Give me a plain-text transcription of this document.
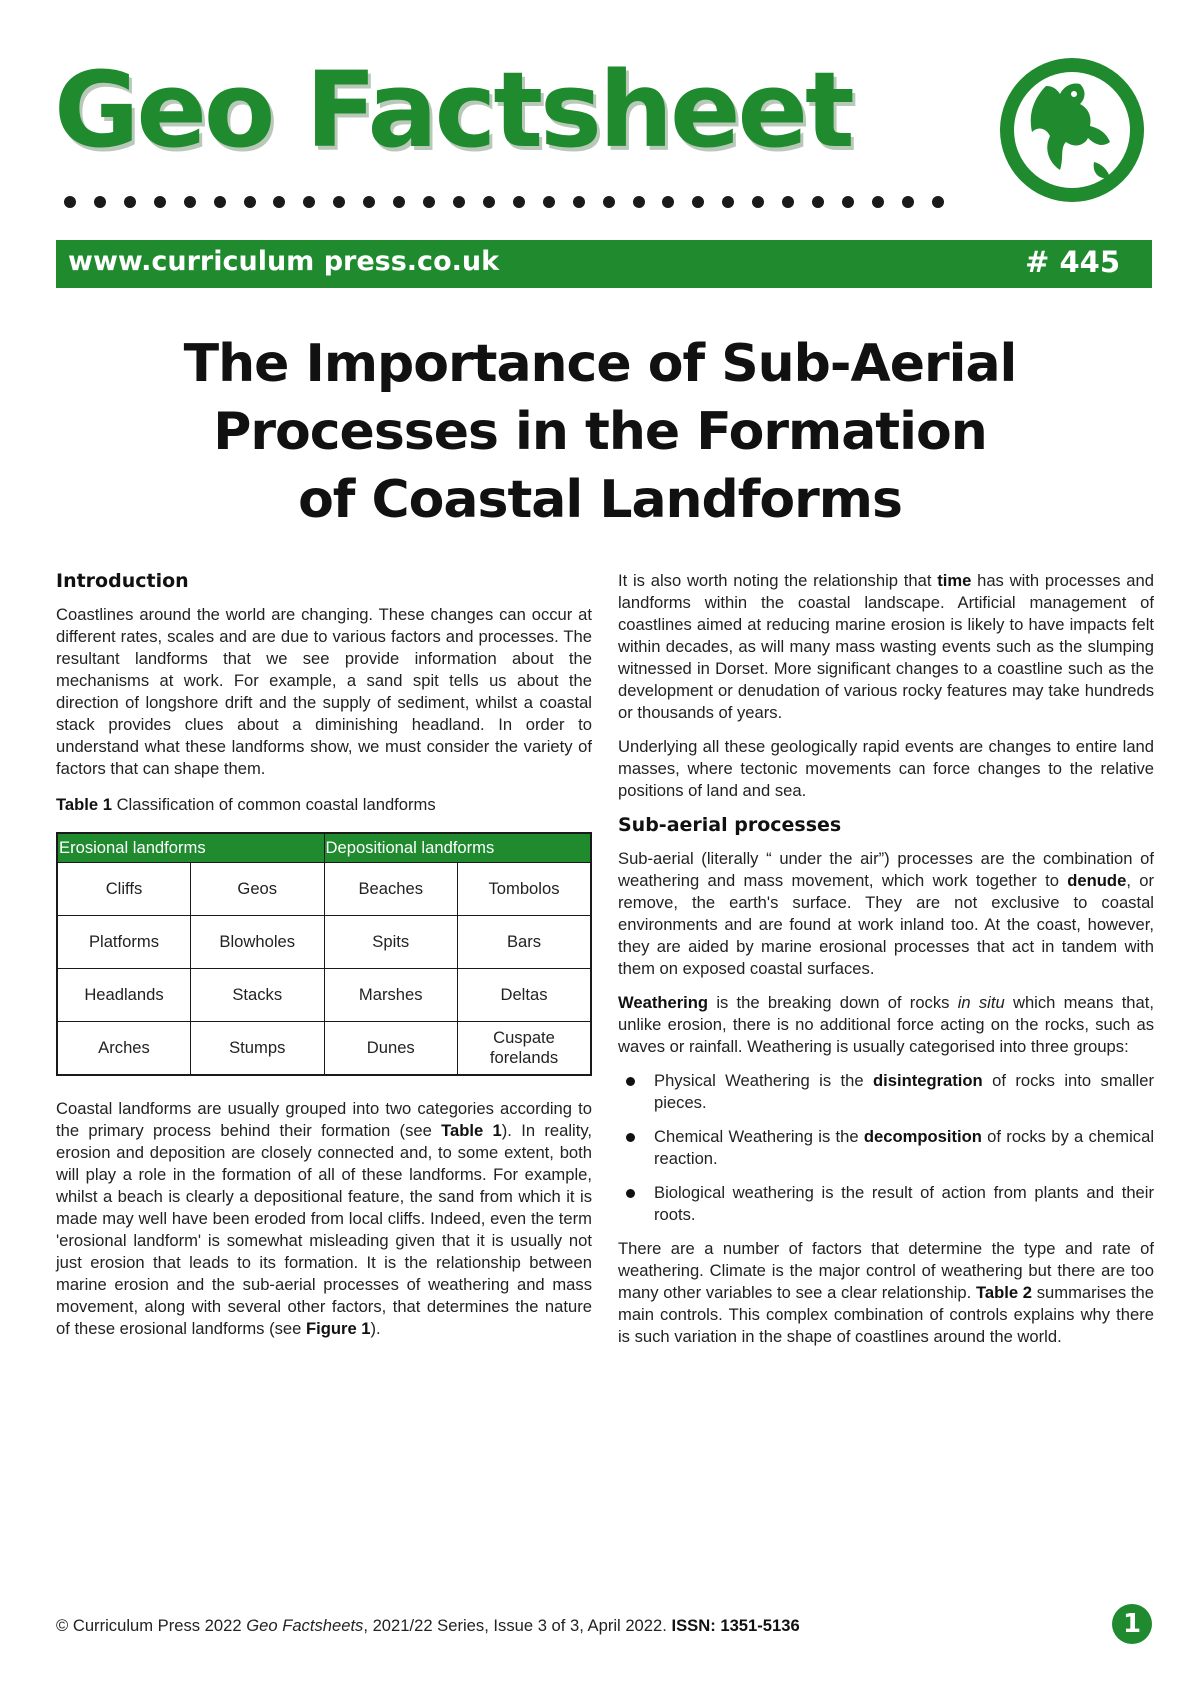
Geo Factsheet
www.curriculum press.co.uk	# 445
The Importance of Sub-Aerial
Processes in the Formation
of Coastal Landforms
Introduction

Coastlines around the world are changing. These changes can occur at different rates, scales and are due to various factors and processes. The resultant landforms that we see provide information about the mechanisms at work. For example, a sand spit tells us about the direction of longshore drift and the supply of sediment, whilst a coastal stack provides clues about a diminishing headland. In order to understand what these landforms show, we must consider the variety of factors that can shape them.

Table 1 Classification of common coastal landforms

Erosional landforms		Depositional landforms	
Cliffs	Geos	Beaches	Tombolos
Platforms	Blowholes	Spits	Bars
Headlands	Stacks	Marshes	Deltas
Arches	Stumps	Dunes	Cuspate forelands

Coastal landforms are usually grouped into two categories according to the primary process behind their formation (see Table 1). In reality, erosion and deposition are closely connected and, to some extent, both will play a role in the formation of all of these landforms. For example, whilst a beach is clearly a depositional feature, the sand from which it is made may well have been eroded from local cliffs. Indeed, even the term 'erosional landform' is somewhat misleading given that it is usually not just erosion that leads to its formation. It is the relationship between marine erosion and the sub-aerial processes of weathering and mass movement, along with several other factors, that determines the nature of these erosional landforms (see Figure 1).

It is also worth noting the relationship that time has with processes and landforms within the coastal landscape. Artificial management of coastlines aimed at reducing marine erosion is likely to have impacts felt within decades, as will many mass wasting events such as the slumping witnessed in Dorset. More significant changes to a coastline such as the development or denudation of various rocky features may take hundreds or thousands of years.

Underlying all these geologically rapid events are changes to entire land masses, where tectonic movements can force changes to the relative positions of land and sea.

Sub-aerial processes

Sub-aerial (literally “ under the air”) processes are the combination of weathering and mass movement, which work together to denude, or remove, the earth's surface. They are not exclusive to coastal environments and are found at work inland too. At the coast, however, they are aided by marine erosional processes that act in tandem with them on exposed coastal surfaces.

Weathering is the breaking down of rocks in situ which means that, unlike erosion, there is no additional force acting on the rocks, such as waves or rainfall. Weathering is usually categorised into three groups:

Physical Weathering is the disintegration of rocks into smaller pieces.
Chemical Weathering is the decomposition of rocks by a chemical reaction.
Biological weathering is the result of action from plants and their roots.

There are a number of factors that determine the type and rate of weathering. Climate is the major control of weathering but there are too many other variables to see a clear relationship. Table 2 summarises the main controls. This complex combination of controls explains why there is such variation in the shape of coastlines around the world.

© Curriculum Press 2022 Geo Factsheets, 2021/22 Series, Issue 3 of 3, April 2022. ISSN: 1351-5136	1
